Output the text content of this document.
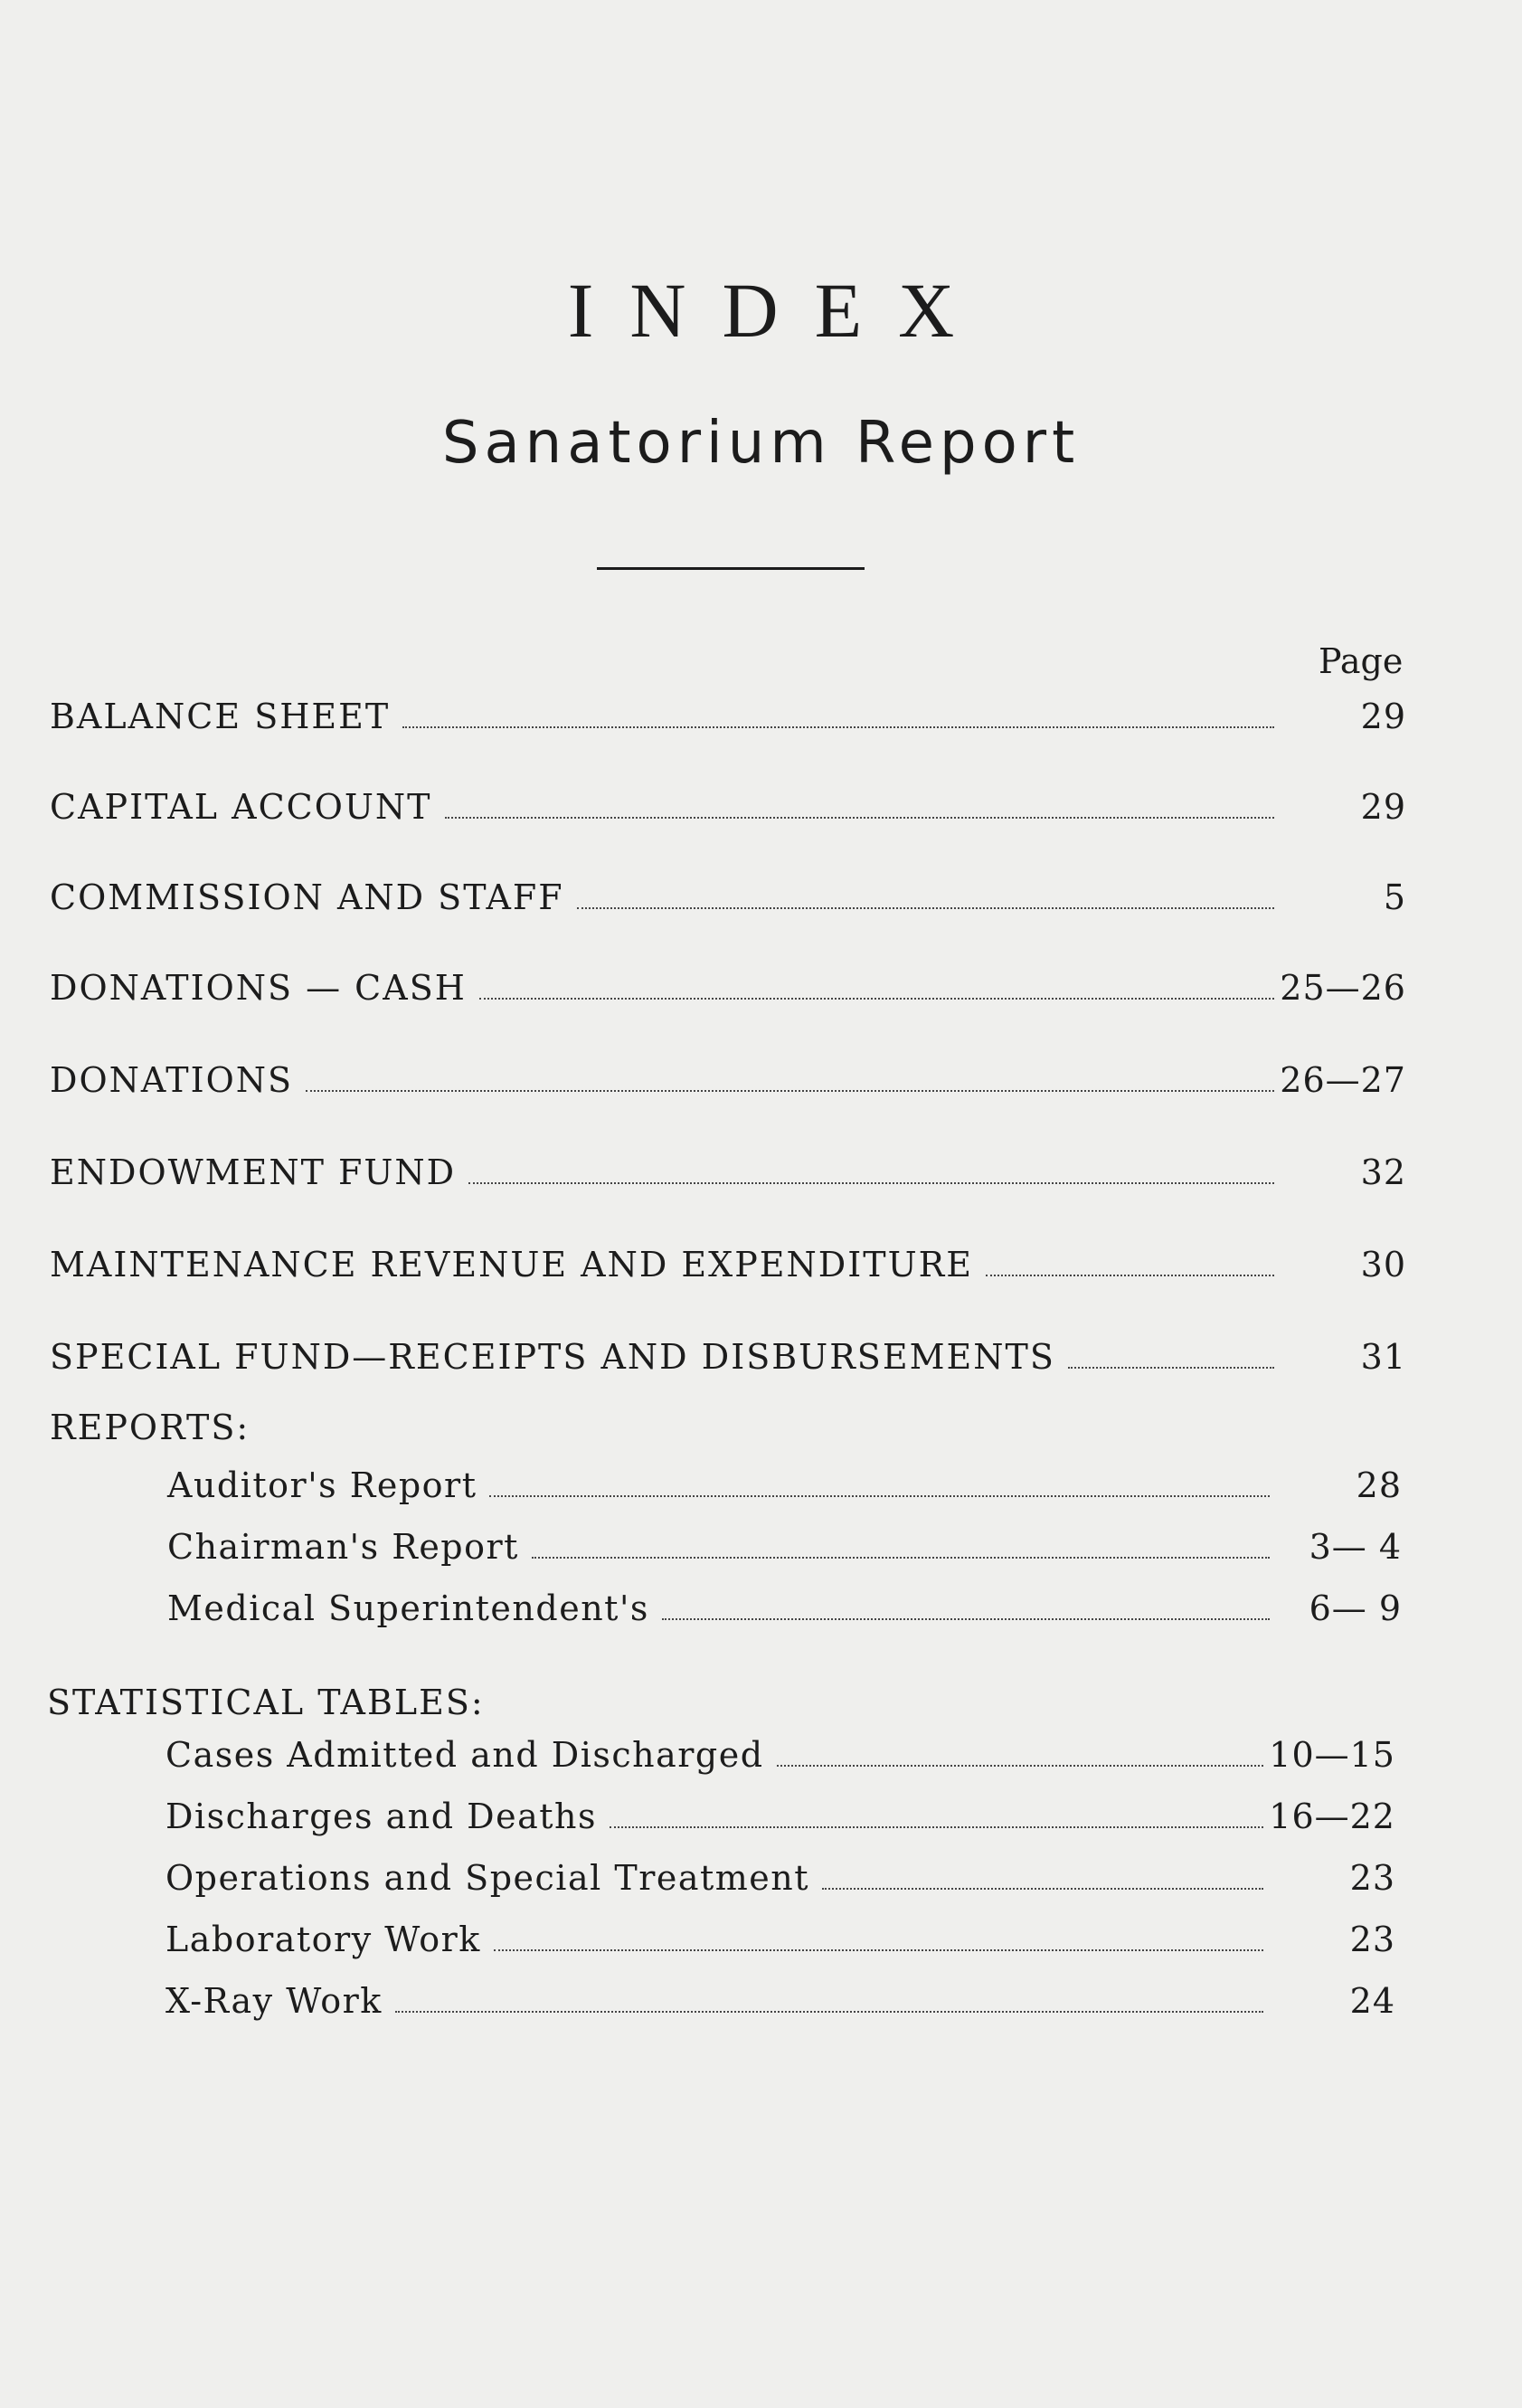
INDEX
Sanatorium Report
Page
BALANCE SHEET	29
CAPITAL ACCOUNT	29
COMMISSION AND STAFF	5
DONATIONS — CASH	25—26
DONATIONS	26—27
ENDOWMENT FUND	32
MAINTENANCE REVENUE AND EXPENDITURE	30
SPECIAL FUND—RECEIPTS AND DISBURSEMENTS	31
REPORTS:
Auditor's Report	28
Chairman's Report	3— 4
Medical Superintendent's	6— 9
STATISTICAL TABLES:
Cases Admitted and Discharged	10—15
Discharges and Deaths	16—22
Operations and Special Treatment	23
Laboratory Work	23
X-Ray Work	24
